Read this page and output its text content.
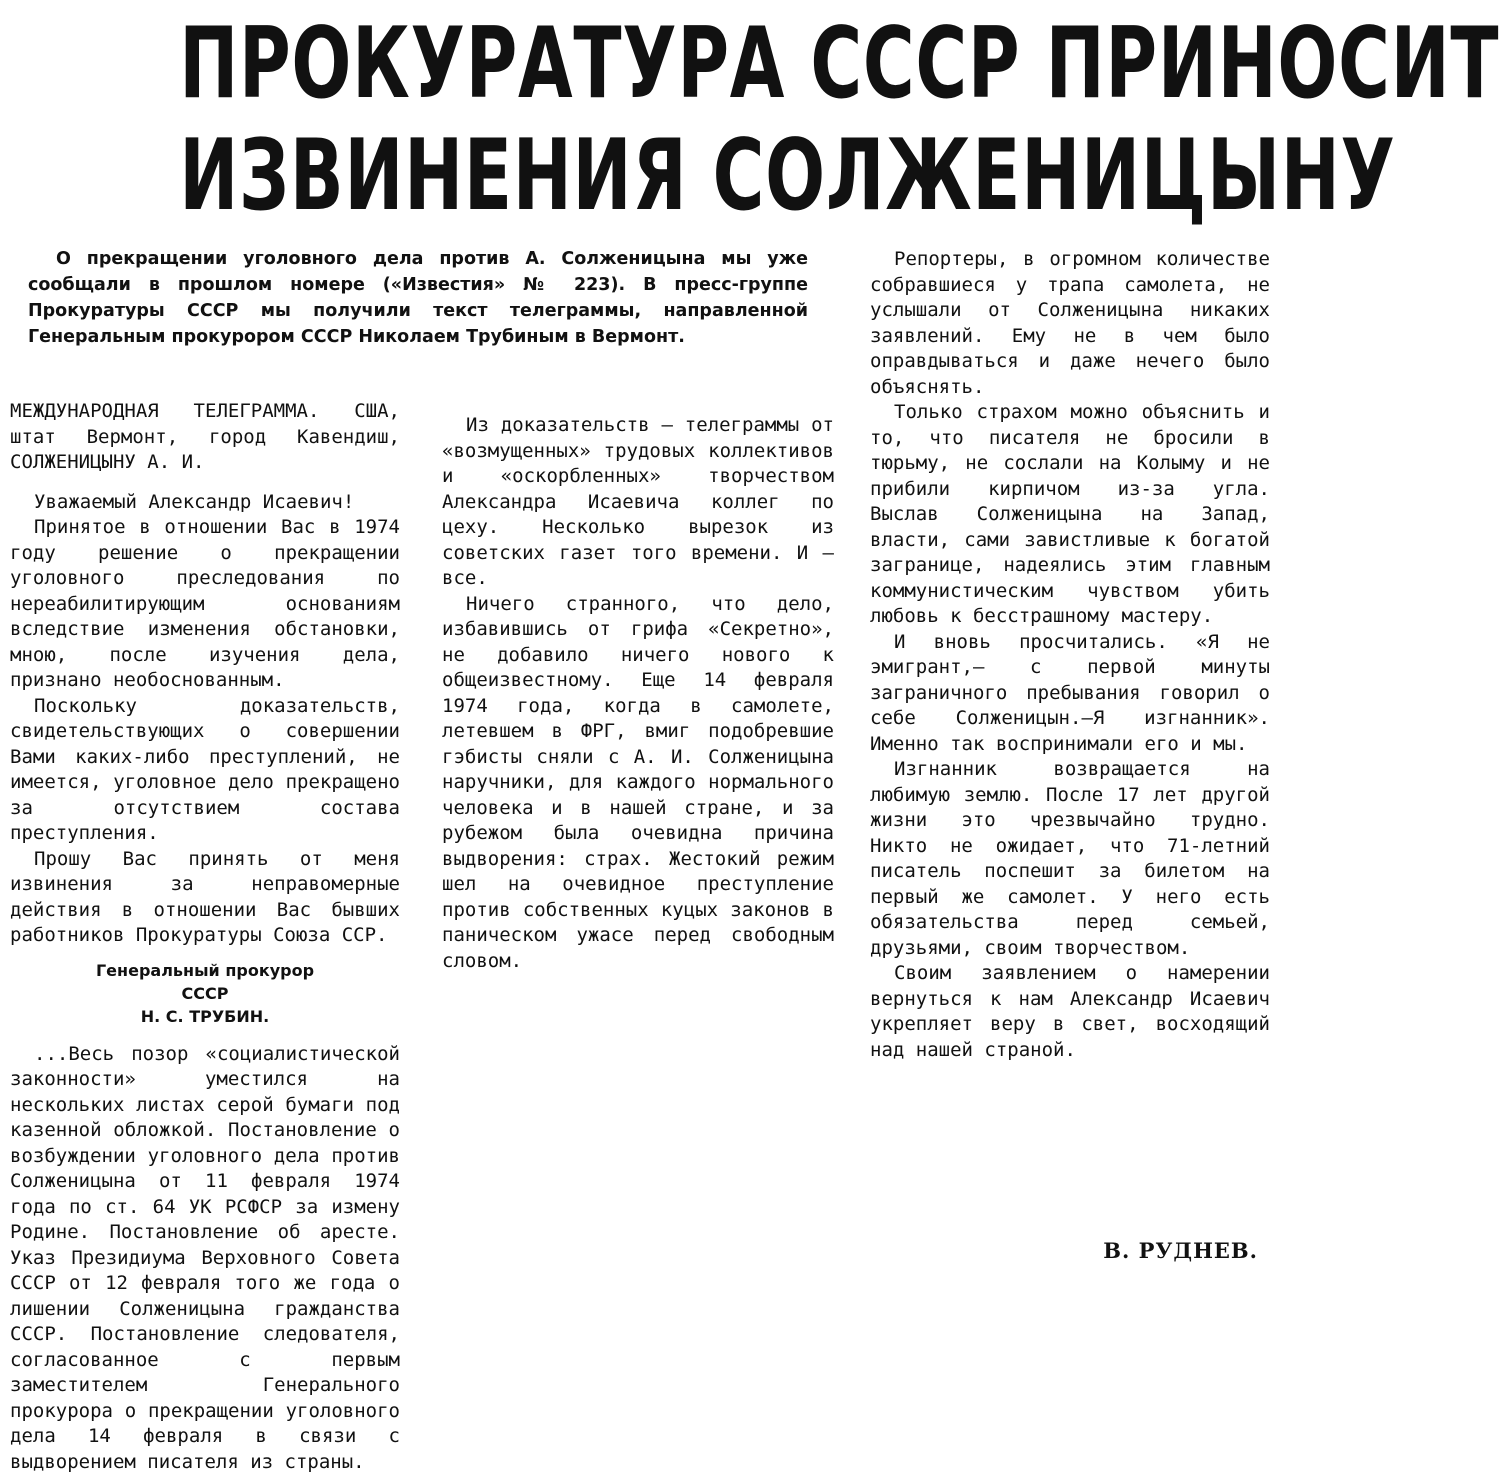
ПРОКУРАТУРА СССР ПРИНОСИТ
ИЗВИНЕНИЯ СОЛЖЕНИЦЫНУ

О прекращении уголовного дела против А. Солженицына мы уже сообщали в прошлом номере («Известия» № 223). В пресс-группе Прокуратуры СССР мы получили текст телеграммы, направленной Генеральным прокурором СССР Николаем Трубиным в Вермонт.

МЕЖДУНАРОДНАЯ ТЕЛЕГРАММА. США, штат Вермонт, город Кавендиш, СОЛЖЕНИЦЫНУ А. И.

Уважаемый Александр Исаевич!

Принятое в отношении Вас в 1974 году решение о прекращении уголовного преследования по нереабилитирующим основаниям вследствие изменения обстановки, мною, после изучения дела, признано необоснованным.

Поскольку доказательств, свидетельствующих о совершении Вами каких-либо преступлений, не имеется, уголовное дело прекращено за отсутствием состава преступления.

Прошу Вас принять от меня извинения за неправомерные действия в отношении Вас бывших работников Прокуратуры Союза ССР.

Генеральный прокурор
СССР
Н. С. ТРУБИН.

...Весь позор «социалистической законности» уместился на нескольких листах серой бумаги под казенной обложкой. Постановление о возбуждении уголовного дела против Солженицына от 11 февраля 1974 года по ст. 64 УК РСФСР за измену Родине. Постановление об аресте. Указ Президиума Верховного Совета СССР от 12 февраля того же года о лишении Солженицына гражданства СССР. Постановление следователя, согласованное с первым заместителем Генерального прокурора о прекращении уголовного дела 14 февраля в связи с выдворением писателя из страны.

Из доказательств — телеграммы от «возмущенных» трудовых коллективов и «оскорбленных» творчеством Александра Исаевича коллег по цеху. Несколько вырезок из советских газет того времени. И — все.

Ничего странного, что дело, избавившись от грифа «Секретно», не добавило ничего нового к общеизвестному. Еще 14 февраля 1974 года, когда в самолете, летевшем в ФРГ, вмиг подобревшие гэбисты сняли с А. И. Солженицына наручники, для каждого нормального человека и в нашей стране, и за рубежом была очевидна причина выдворения: страх. Жестокий режим шел на очевидное преступление против собственных куцых законов в паническом ужасе перед свободным словом.

Репортеры, в огромном количестве собравшиеся у трапа самолета, не услышали от Солженицына никаких заявлений. Ему не в чем было оправдываться и даже нечего было объяснять.

Только страхом можно объяснить и то, что писателя не бросили в тюрьму, не сослали на Колыму и не прибили кирпичом из-за угла. Выслав Солженицына на Запад, власти, сами завистливые к богатой загранице, надеялись этим главным коммунистическим чувством убить любовь к бесстрашному мастеру.

И вновь просчитались. «Я не эмигрант,— с первой минуты заграничного пребывания говорил о себе Солженицын.—Я изгнанник». Именно так воспринимали его и мы.

Изгнанник возвращается на любимую землю. После 17 лет другой жизни это чрезвычайно трудно. Никто не ожидает, что 71-летний писатель поспешит за билетом на первый же самолет. У него есть обязательства перед семьей, друзьями, своим творчеством.

Своим заявлением о намерении вернуться к нам Александр Исаевич укрепляет веру в свет, восходящий над нашей страной.

В. РУДНЕВ.
